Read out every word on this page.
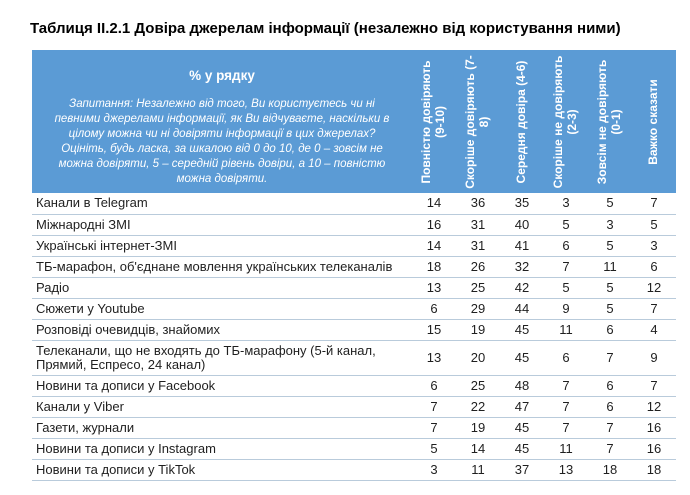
Таблиця II.2.1 Довіра джерелам інформації (незалежно від користування ними)
% у рядку
Запитання: Незалежно від того, Ви користуєтесь чи ні певними джерелами інформації, як Ви відчуваєте, наскільки в цілому можна чи ні довіряти інформації в цих джерелах? Оцініть, будь ласка, за шкалою від 0 до 10, де 0 – зовсім не можна довіряти, 5 – середній рівень довіри, а 10 – повністю можна довіряти.	Повністю довіряють (9-10)	Скоріше довіряють (7-8)	Середня довіра (4-6)	Скоріше не довіряють (2-3)	Зовсім не довіряють (0-1)	Важко сказати

Канали в Telegram	14	36	35	3	5	7
Міжнародні ЗМІ	16	31	40	5	3	5
Українські інтернет-ЗМІ	14	31	41	6	5	3
ТБ-марафон, об'єднане мовлення українських телеканалів	18	26	32	7	11	6
Радіо	13	25	42	5	5	12
Сюжети у Youtube	6	29	44	9	5	7
Розповіді очевидців, знайомих	15	19	45	11	6	4
Телеканали, що не входять до ТБ-марафону (5-й канал, Прямий, Еспресо, 24 канал)	13	20	45	6	7	9
Новини та дописи у Facebook	6	25	48	7	6	7
Канали у Viber	7	22	47	7	6	12
Газети, журнали	7	19	45	7	7	16
Новини та дописи у Instagram	5	14	45	11	7	16
Новини та дописи у TikTok	3	11	37	13	18	18
